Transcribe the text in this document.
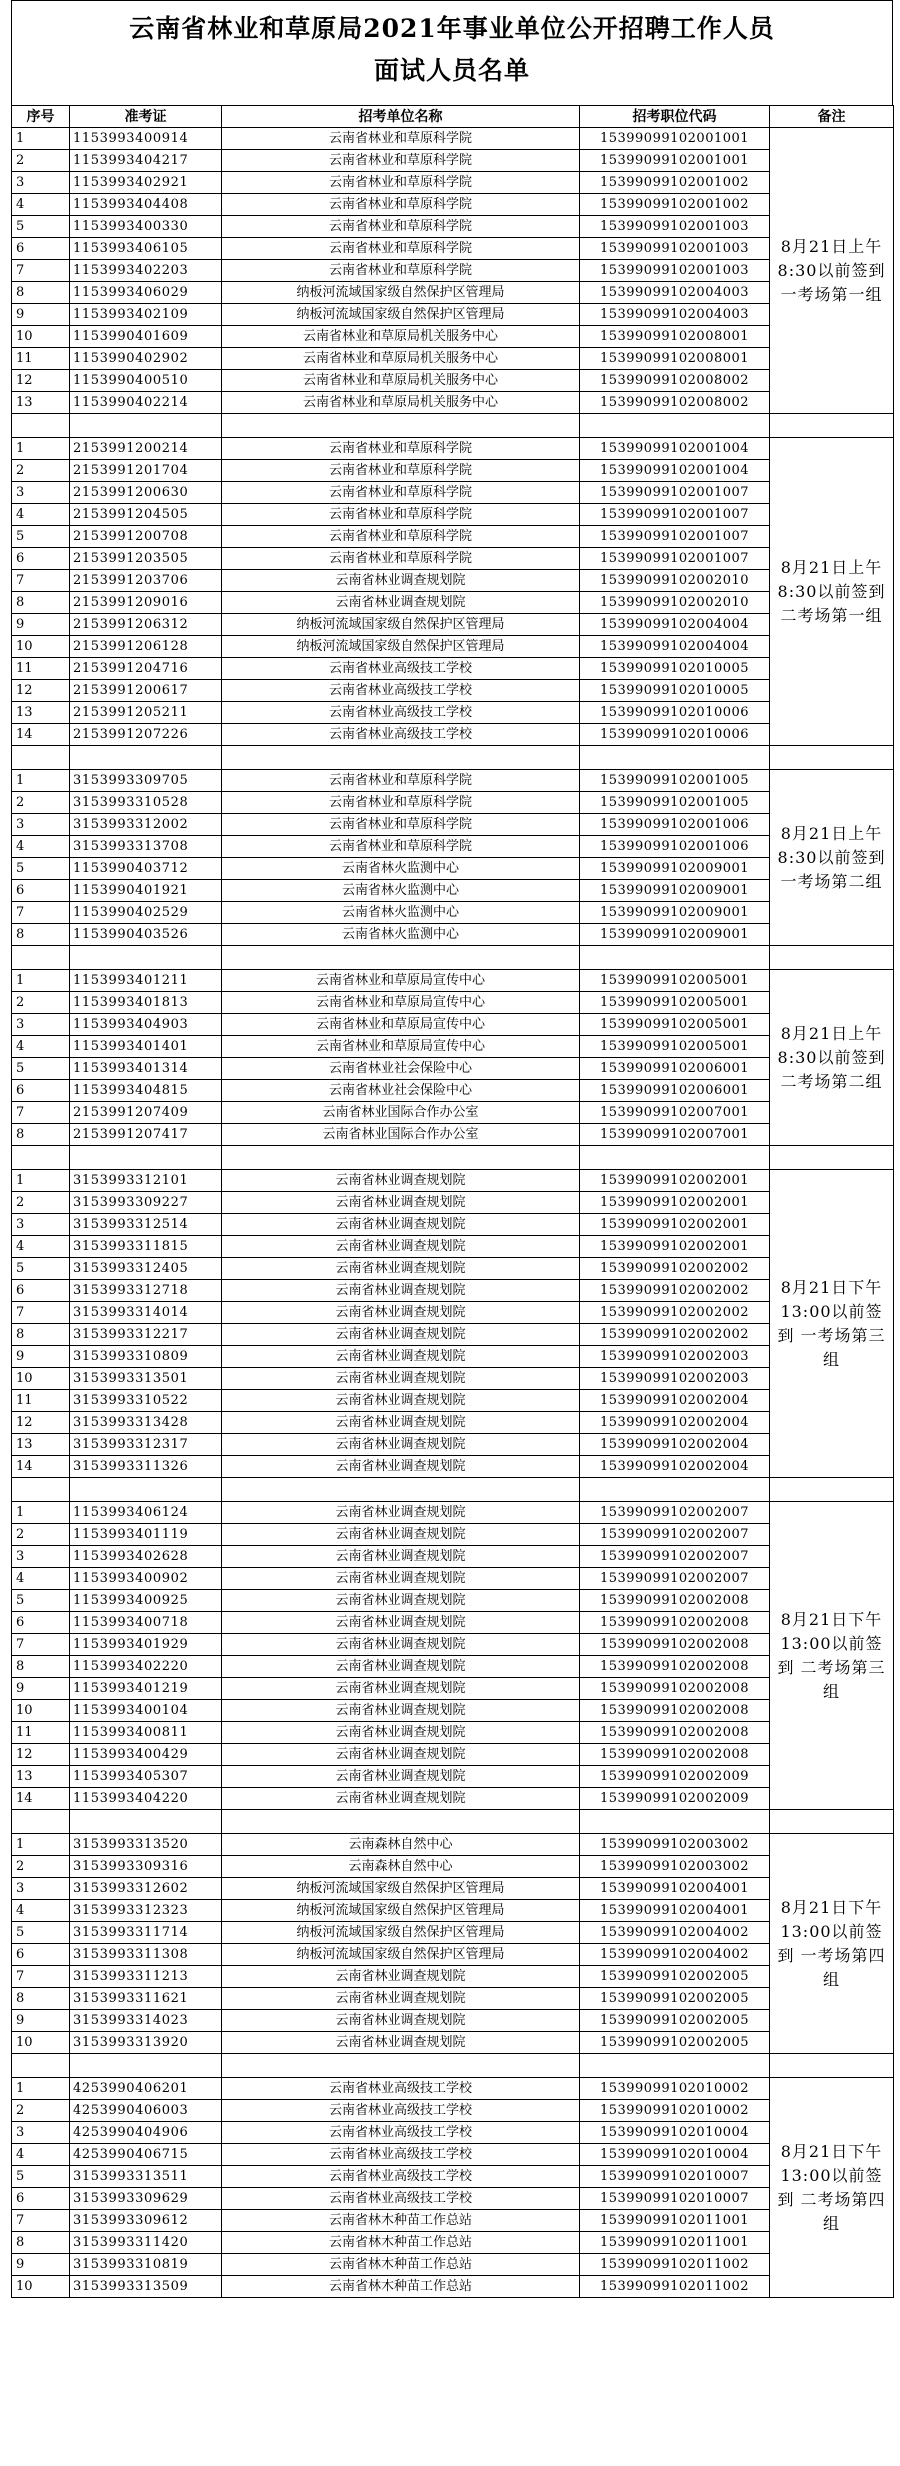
云南省林业和草原局2021年事业单位公开招聘工作人员
面试人员名单
序号	准考证	招考单位名称	招考职位代码	备注
1	1153993400914	云南省林业和草原科学院	15399099102001001	8月21日上午8:30以前签到 一考场第一组
2	1153993404217	云南省林业和草原科学院	15399099102001001	
3	1153993402921	云南省林业和草原科学院	15399099102001002	
4	1153993404408	云南省林业和草原科学院	15399099102001002	
5	1153993400330	云南省林业和草原科学院	15399099102001003	
6	1153993406105	云南省林业和草原科学院	15399099102001003	
7	1153993402203	云南省林业和草原科学院	15399099102001003	
8	1153993406029	纳板河流域国家级自然保护区管理局	15399099102004003	
9	1153993402109	纳板河流域国家级自然保护区管理局	15399099102004003	
10	1153990401609	云南省林业和草原局机关服务中心	15399099102008001	
11	1153990402902	云南省林业和草原局机关服务中心	15399099102008001	
12	1153990400510	云南省林业和草原局机关服务中心	15399099102008002	
13	1153990402214	云南省林业和草原局机关服务中心	15399099102008002	

1	2153991200214	云南省林业和草原科学院	15399099102001004	8月21日上午8:30以前签到 二考场第一组
2	2153991201704	云南省林业和草原科学院	15399099102001004	
3	2153991200630	云南省林业和草原科学院	15399099102001007	
4	2153991204505	云南省林业和草原科学院	15399099102001007	
5	2153991200708	云南省林业和草原科学院	15399099102001007	
6	2153991203505	云南省林业和草原科学院	15399099102001007	
7	2153991203706	云南省林业调查规划院	15399099102002010	
8	2153991209016	云南省林业调查规划院	15399099102002010	
9	2153991206312	纳板河流域国家级自然保护区管理局	15399099102004004	
10	2153991206128	纳板河流域国家级自然保护区管理局	15399099102004004	
11	2153991204716	云南省林业高级技工学校	15399099102010005	
12	2153991200617	云南省林业高级技工学校	15399099102010005	
13	2153991205211	云南省林业高级技工学校	15399099102010006	
14	2153991207226	云南省林业高级技工学校	15399099102010006	

1	3153993309705	云南省林业和草原科学院	15399099102001005	8月21日上午8:30以前签到 一考场第二组
2	3153993310528	云南省林业和草原科学院	15399099102001005	
3	3153993312002	云南省林业和草原科学院	15399099102001006	
4	3153993313708	云南省林业和草原科学院	15399099102001006	
5	1153990403712	云南省林火监测中心	15399099102009001	
6	1153990401921	云南省林火监测中心	15399099102009001	
7	1153990402529	云南省林火监测中心	15399099102009001	
8	1153990403526	云南省林火监测中心	15399099102009001	

1	1153993401211	云南省林业和草原局宣传中心	15399099102005001	8月21日上午8:30以前签到 二考场第二组
2	1153993401813	云南省林业和草原局宣传中心	15399099102005001	
3	1153993404903	云南省林业和草原局宣传中心	15399099102005001	
4	1153993401401	云南省林业和草原局宣传中心	15399099102005001	
5	1153993401314	云南省林业社会保险中心	15399099102006001	
6	1153993404815	云南省林业社会保险中心	15399099102006001	
7	2153991207409	云南省林业国际合作办公室	15399099102007001	
8	2153991207417	云南省林业国际合作办公室	15399099102007001	

1	3153993312101	云南省林业调查规划院	15399099102002001	8月21日下午13:00以前签到 一考场第三组
2	3153993309227	云南省林业调查规划院	15399099102002001	
3	3153993312514	云南省林业调查规划院	15399099102002001	
4	3153993311815	云南省林业调查规划院	15399099102002001	
5	3153993312405	云南省林业调查规划院	15399099102002002	
6	3153993312718	云南省林业调查规划院	15399099102002002	
7	3153993314014	云南省林业调查规划院	15399099102002002	
8	3153993312217	云南省林业调查规划院	15399099102002002	
9	3153993310809	云南省林业调查规划院	15399099102002003	
10	3153993313501	云南省林业调查规划院	15399099102002003	
11	3153993310522	云南省林业调查规划院	15399099102002004	
12	3153993313428	云南省林业调查规划院	15399099102002004	
13	3153993312317	云南省林业调查规划院	15399099102002004	
14	3153993311326	云南省林业调查规划院	15399099102002004	

1	1153993406124	云南省林业调查规划院	15399099102002007	8月21日下午13:00以前签到 二考场第三组
2	1153993401119	云南省林业调查规划院	15399099102002007	
3	1153993402628	云南省林业调查规划院	15399099102002007	
4	1153993400902	云南省林业调查规划院	15399099102002007	
5	1153993400925	云南省林业调查规划院	15399099102002008	
6	1153993400718	云南省林业调查规划院	15399099102002008	
7	1153993401929	云南省林业调查规划院	15399099102002008	
8	1153993402220	云南省林业调查规划院	15399099102002008	
9	1153993401219	云南省林业调查规划院	15399099102002008	
10	1153993400104	云南省林业调查规划院	15399099102002008	
11	1153993400811	云南省林业调查规划院	15399099102002008	
12	1153993400429	云南省林业调查规划院	15399099102002008	
13	1153993405307	云南省林业调查规划院	15399099102002009	
14	1153993404220	云南省林业调查规划院	15399099102002009	

1	3153993313520	云南森林自然中心	15399099102003002	8月21日下午13:00以前签到 一考场第四组
2	3153993309316	云南森林自然中心	15399099102003002	
3	3153993312602	纳板河流域国家级自然保护区管理局	15399099102004001	
4	3153993312323	纳板河流域国家级自然保护区管理局	15399099102004001	
5	3153993311714	纳板河流域国家级自然保护区管理局	15399099102004002	
6	3153993311308	纳板河流域国家级自然保护区管理局	15399099102004002	
7	3153993311213	云南省林业调查规划院	15399099102002005	
8	3153993311621	云南省林业调查规划院	15399099102002005	
9	3153993314023	云南省林业调查规划院	15399099102002005	
10	3153993313920	云南省林业调查规划院	15399099102002005	

1	4253990406201	云南省林业高级技工学校	15399099102010002	8月21日下午13:00以前签到 二考场第四组
2	4253990406003	云南省林业高级技工学校	15399099102010002	
3	4253990404906	云南省林业高级技工学校	15399099102010004	
4	4253990406715	云南省林业高级技工学校	15399099102010004	
5	3153993313511	云南省林业高级技工学校	15399099102010007	
6	3153993309629	云南省林业高级技工学校	15399099102010007	
7	3153993309612	云南省林木种苗工作总站	15399099102011001	
8	3153993311420	云南省林木种苗工作总站	15399099102011001	
9	3153993310819	云南省林木种苗工作总站	15399099102011002	
10	3153993313509	云南省林木种苗工作总站	15399099102011002	
